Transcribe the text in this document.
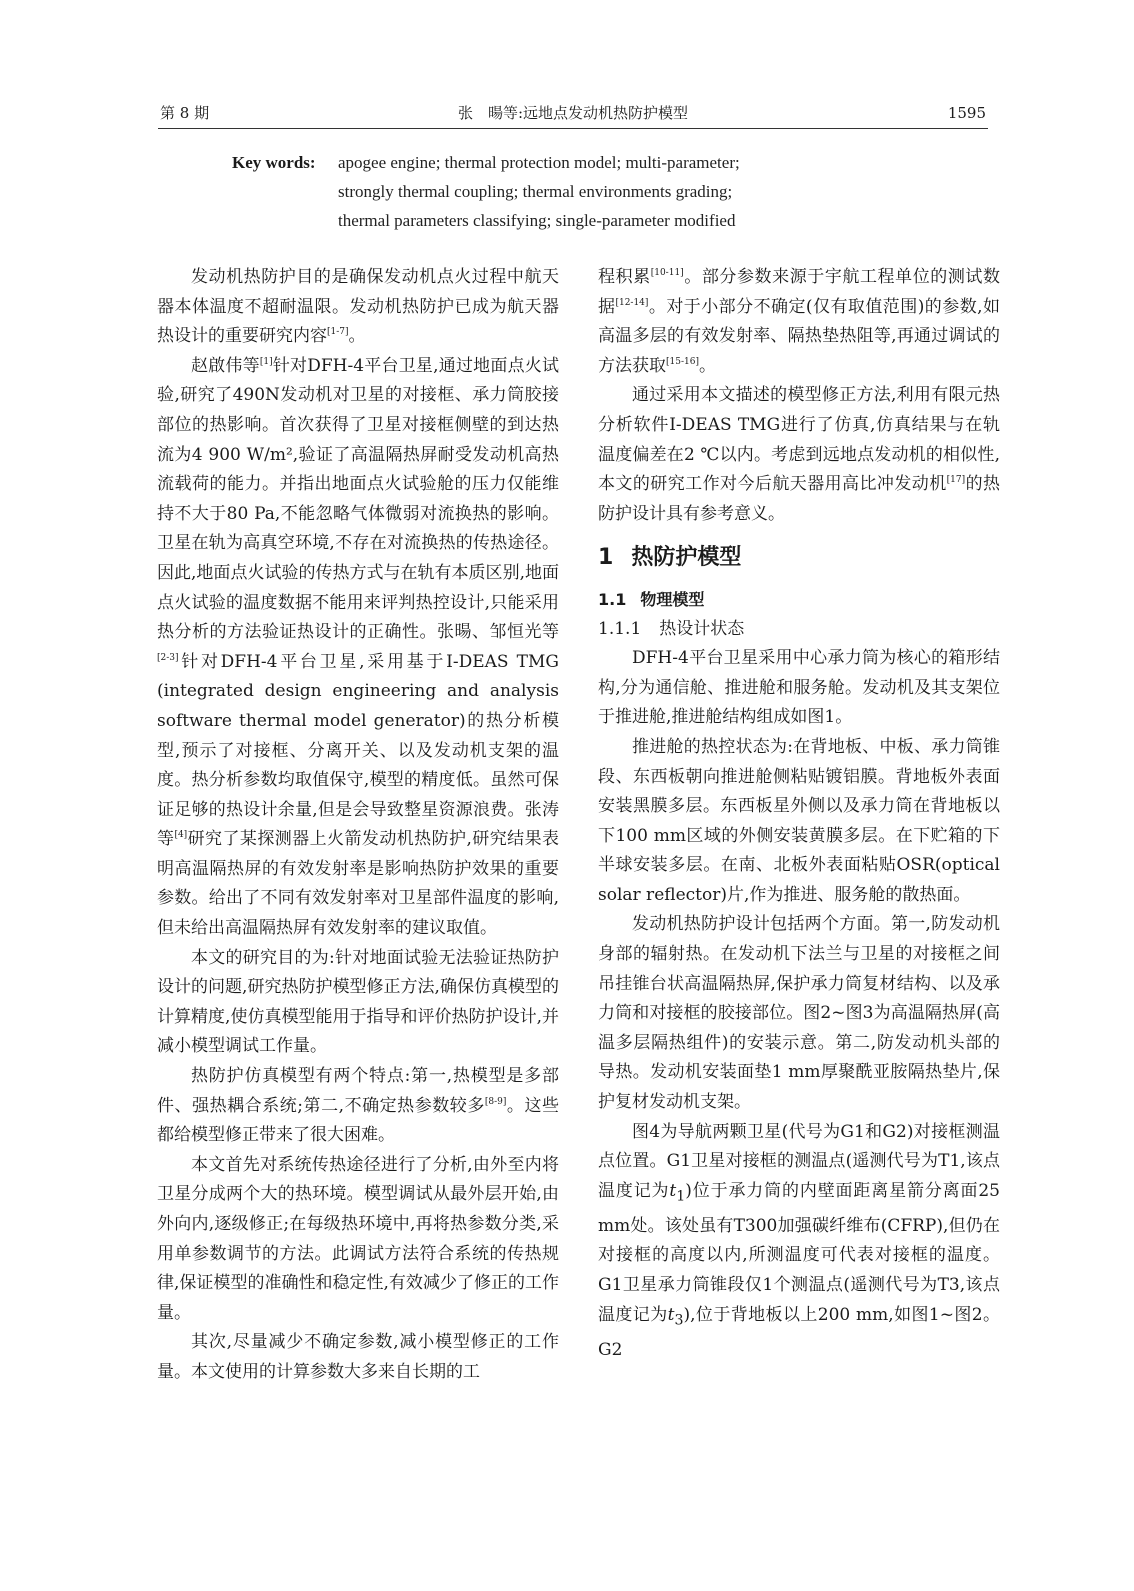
第 8 期	张　暘等:远地点发动机热防护模型	1595
Key words: apogee engine; thermal protection model; multi-parameter;
strongly thermal coupling; thermal environments grading;
thermal parameters classifying; single-parameter modified

发动机热防护目的是确保发动机点火过程中航天器本体温度不超耐温限。发动机热防护已成为航天器热设计的重要研究内容[1-7]。

赵啟伟等[1]针对DFH-4平台卫星,通过地面点火试验,研究了490N发动机对卫星的对接框、承力筒胶接部位的热影响。首次获得了卫星对接框侧壁的到达热流为4 900 W/m²,验证了高温隔热屏耐受发动机高热流载荷的能力。并指出地面点火试验舱的压力仅能维持不大于80 Pa,不能忽略气体微弱对流换热的影响。卫星在轨为高真空环境,不存在对流换热的传热途径。因此,地面点火试验的传热方式与在轨有本质区别,地面点火试验的温度数据不能用来评判热控设计,只能采用热分析的方法验证热设计的正确性。张暘、邹恒光等[2-3]针对DFH-4平台卫星,采用基于I-DEAS TMG (integrated design engineering and analysis software thermal model generator)的热分析模型,预示了对接框、分离开关、以及发动机支架的温度。热分析参数均取值保守,模型的精度低。虽然可保证足够的热设计余量,但是会导致整星资源浪费。张涛等[4]研究了某探测器上火箭发动机热防护,研究结果表明高温隔热屏的有效发射率是影响热防护效果的重要参数。给出了不同有效发射率对卫星部件温度的影响,但未给出高温隔热屏有效发射率的建议取值。

本文的研究目的为:针对地面试验无法验证热防护设计的问题,研究热防护模型修正方法,确保仿真模型的计算精度,使仿真模型能用于指导和评价热防护设计,并减小模型调试工作量。

热防护仿真模型有两个特点:第一,热模型是多部件、强热耦合系统;第二,不确定热参数较多[8-9]。这些都给模型修正带来了很大困难。

本文首先对系统传热途径进行了分析,由外至内将卫星分成两个大的热环境。模型调试从最外层开始,由外向内,逐级修正;在每级热环境中,再将热参数分类,采用单参数调节的方法。此调试方法符合系统的传热规律,保证模型的准确性和稳定性,有效减少了修正的工作量。

其次,尽量减少不确定参数,减小模型修正的工作量。本文使用的计算参数大多来自长期的工

程积累[10-11]。部分参数来源于宇航工程单位的测试数据[12-14]。对于小部分不确定(仅有取值范围)的参数,如高温多层的有效发射率、隔热垫热阻等,再通过调试的方法获取[15-16]。

通过采用本文描述的模型修正方法,利用有限元热分析软件I-DEAS TMG进行了仿真,仿真结果与在轨温度偏差在2 ℃以内。考虑到远地点发动机的相似性,本文的研究工作对今后航天器用高比冲发动机[17]的热防护设计具有参考意义。

1 热防护模型
1.1 物理模型
1.1.1 热设计状态

DFH-4平台卫星采用中心承力筒为核心的箱形结构,分为通信舱、推进舱和服务舱。发动机及其支架位于推进舱,推进舱结构组成如图1。

推进舱的热控状态为:在背地板、中板、承力筒锥段、东西板朝向推进舱侧粘贴镀铝膜。背地板外表面安装黑膜多层。东西板星外侧以及承力筒在背地板以下100 mm区域的外侧安装黄膜多层。在下贮箱的下半球安装多层。在南、北板外表面粘贴OSR(optical solar reflector)片,作为推进、服务舱的散热面。

发动机热防护设计包括两个方面。第一,防发动机身部的辐射热。在发动机下法兰与卫星的对接框之间吊挂锥台状高温隔热屏,保护承力筒复材结构、以及承力筒和对接框的胶接部位。图2~图3为高温隔热屏(高温多层隔热组件)的安装示意。第二,防发动机头部的导热。发动机安装面垫1 mm厚聚酰亚胺隔热垫片,保护复材发动机支架。

图4为导航两颗卫星(代号为G1和G2)对接框测温点位置。G1卫星对接框的测温点(遥测代号为T1,该点温度记为$t_1$)位于承力筒的内壁面距离星箭分离面25 mm处。该处虽有T300加强碳纤维布(CFRP),但仍在对接框的高度以内,所测温度可代表对接框的温度。G1卫星承力筒锥段仅1个测温点(遥测代号为T3,该点温度记为$t_3$),位于背地板以上200 mm,如图1~图2。G2
